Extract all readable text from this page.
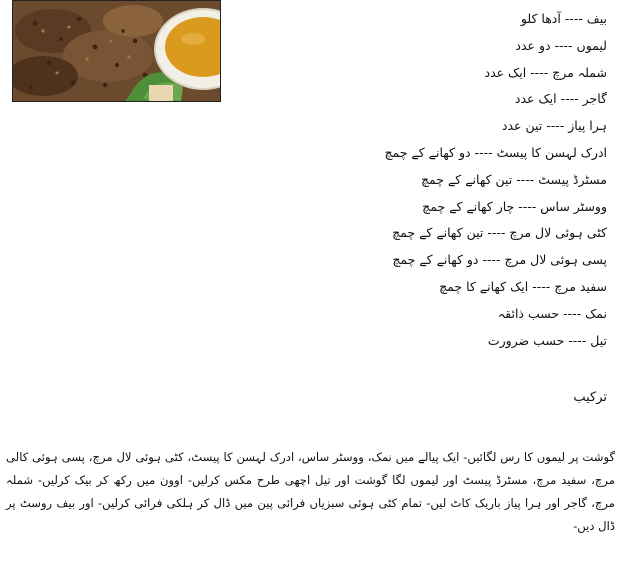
بیف ---- آدھا کلو
لیموں ---- دو عدد
شملہ مرچ ---- ایک عدد
گاجر ---- ایک عدد
ہرا پیاز ---- تین عدد
ادرک لہسن کا پیسٹ ---- دو کھانے کے چمچ
مسٹرڈ پیسٹ ---- تین کھانے کے چمچ
ووسٹر ساس ---- چار کھانے کے چمچ
کٹی ہوئی لال مرچ ---- تین کھانے کے چمچ
پسی ہوئی لال مرچ ---- دو کھانے کے چمچ
سفید مرچ ---- ایک کھانے کا چمچ
نمک ---- حسب ذائقہ
تیل ---- حسب ضرورت
ترکیب

گوشت پر لیموں کا رس لگائیں- ایک پیالے میں نمک، ووسٹر ساس، ادرک لہسن کا پیسٹ، کٹی ہوئی لال مرچ، پسی ہوئی کالی مرچ، سفید مرچ، مسٹرڈ پیسٹ اور لیموں لگا گوشت اور تیل اچھی طرح مکس کرلیں- اوون میں رکھ کر بیک کرلیں- شملہ مرچ، گاجر اور ہرا پیاز باریک کاٹ لیں- تمام کٹی ہوئی سبزیاں فرائی پین میں ڈال کر ہلکی فرائی کرلیں- اور بیف روسٹ پر ڈال دیں-
